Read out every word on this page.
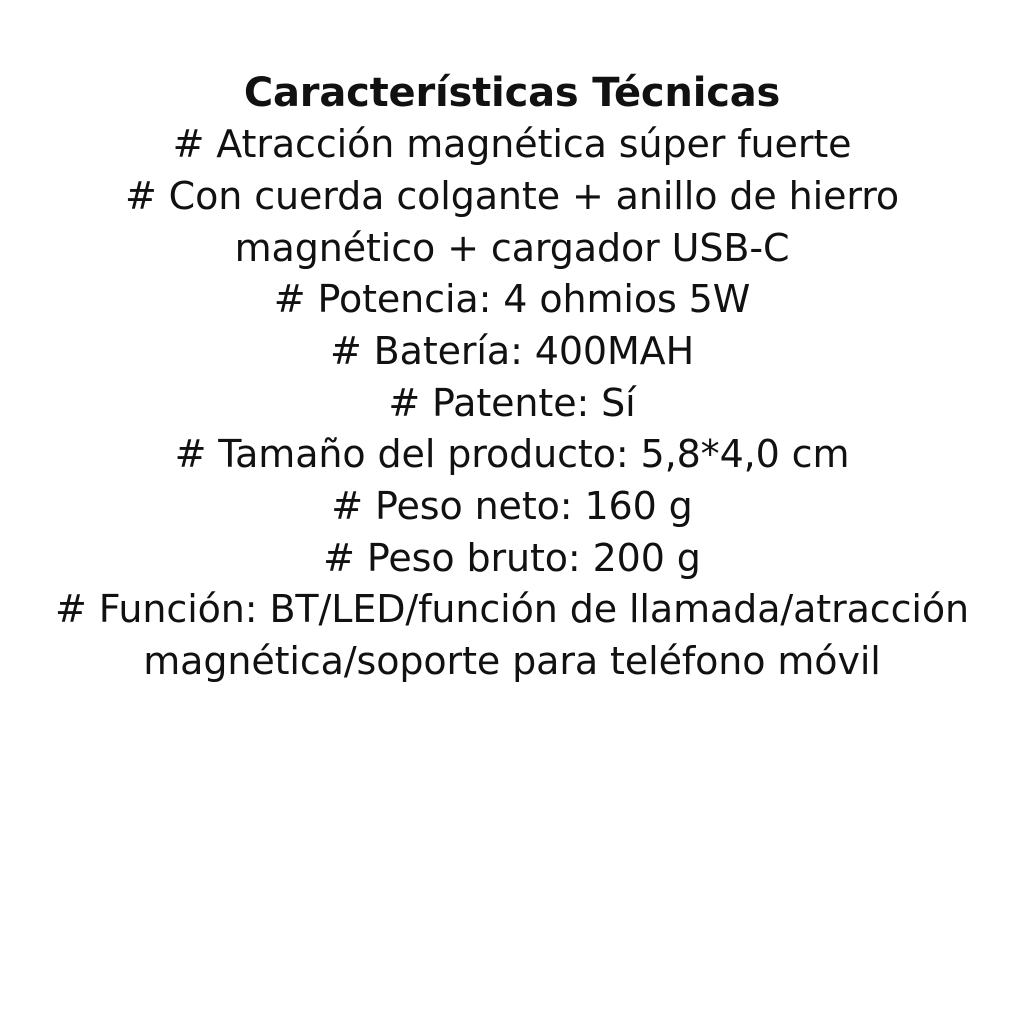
Características Técnicas
# Atracción magnética súper fuerte
# Con cuerda colgante + anillo de hierro magnético + cargador USB-C
# Potencia: 4 ohmios 5W
# Batería: 400MAH
# Patente: Sí
# Tamaño del producto: 5,8*4,0 cm
# Peso neto: 160 g
# Peso bruto: 200 g
# Función: BT/LED/función de llamada/atracción magnética/soporte para teléfono móvil
